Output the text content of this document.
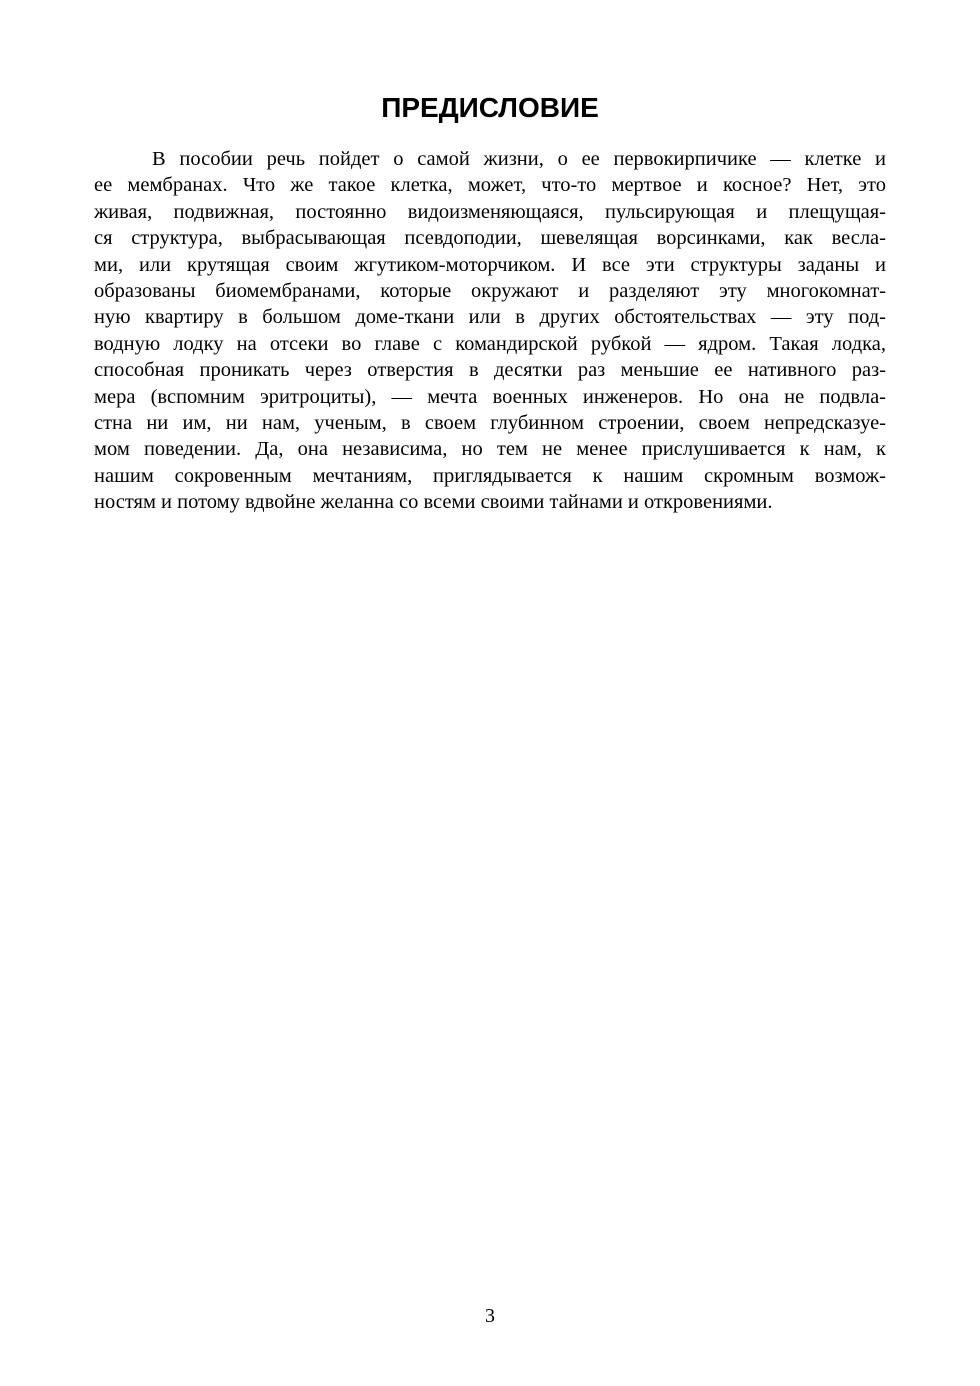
ПРЕДИСЛОВИЕ
В пособии речь пойдет о самой жизни, о ее первокирпичике — клетке и
ее мембранах. Что же такое клетка, может, что-то мертвое и косное? Нет, это
живая, подвижная, постоянно видоизменяющаяся, пульсирующая и плещущая-
ся структура, выбрасывающая псевдоподии, шевелящая ворсинками, как весла-
ми, или крутящая своим жгутиком-моторчиком. И все эти структуры заданы и
образованы биомембранами, которые окружают и разделяют эту многокомнат-
ную квартиру в большом доме-ткани или в других обстоятельствах — эту под-
водную лодку на отсеки во главе с командирской рубкой — ядром. Такая лодка,
способная проникать через отверстия в десятки раз меньшие ее нативного раз-
мера (вспомним эритроциты), — мечта военных инженеров. Но она не подвла-
стна ни им, ни нам, ученым, в своем глубинном строении, своем непредсказуе-
мом поведении. Да, она независима, но тем не менее прислушивается к нам, к
нашим сокровенным мечтаниям, приглядывается к нашим скромным возмож-
ностям и потому вдвойне желанна со всеми своими тайнами и откровениями.
3
